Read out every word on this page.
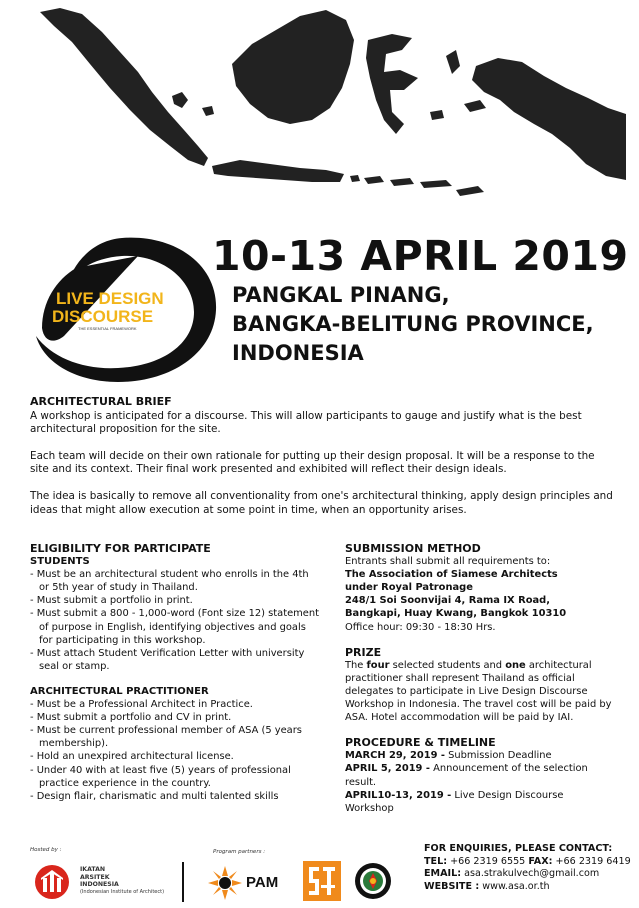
LIVE DESIGN
DISCOURSE
THE ESSENTIAL FRAMEWORK
10-13 APRIL 2019
PANGKAL PINANG,
BANGKA-BELITUNG PROVINCE,
INDONESIA
ARCHITECTURAL BRIEF

A workshop is anticipated for a discourse. This will allow participants to gauge and justify what is the best architectural proposition for the site.

Each team will decide on their own rationale for putting up their design proposal. It will be a response to the site and its context. Their final work presented and exhibited will reflect their design ideals.

The idea is basically to remove all conventionality from one's architectural thinking, apply design principles and ideas that might allow execution at some point in time, when an opportunity arises.

ELIGIBILITY FOR PARTICIPATE
STUDENTS
- Must be an architectural student who enrolls in the 4th or 5th year of study in Thailand.
- Must submit a portfolio in print.
- Must submit a 800 - 1,000-word (Font size 12) statement of purpose in English, identifying objectives and goals for participating in this workshop.
- Must attach Student Verification Letter with university seal or stamp.
ARCHITECTURAL PRACTITIONER
- Must be a Professional Architect in Practice.
- Must submit a portfolio and CV in print.
- Must be current professional member of ASA (5 years membership).
- Hold an unexpired architectural license.
- Under 40 with at least five (5) years of professional practice experience in the country.
- Design flair, charismatic and multi talented skills
SUBMISSION METHOD
Entrants shall submit all requirements to:
The Association of Siamese Architects
under Royal Patronage
248/1 Soi Soonvijai 4, Rama IX Road,
Bangkapi, Huay Kwang, Bangkok 10310
Office hour: 09:30 - 18:30 Hrs.
PRIZE
The four selected students and one architectural practitioner shall represent Thailand as official delegates to participate in Live Design Discourse Workshop in Indonesia. The travel cost will be paid by ASA. Hotel accommodation will be paid by IAI.
PROCEDURE & TIMELINE
MARCH 29, 2019 - Submission Deadline
APRIL 5, 2019 - Announcement of the selection result.
APRIL10-13, 2019 - Live Design Discourse Workshop
Hosted by :
IKATAN
ARSITEK
INDONESIA
(Indonesian Institute of Architect)
Program partners :
PAM
FOR ENQUIRIES, PLEASE CONTACT:
TEL: +66 2319 6555 FAX: +66 2319 6419
EMAIL: asa.strakulvech@gmail.com
WEBSITE : www.asa.or.th
